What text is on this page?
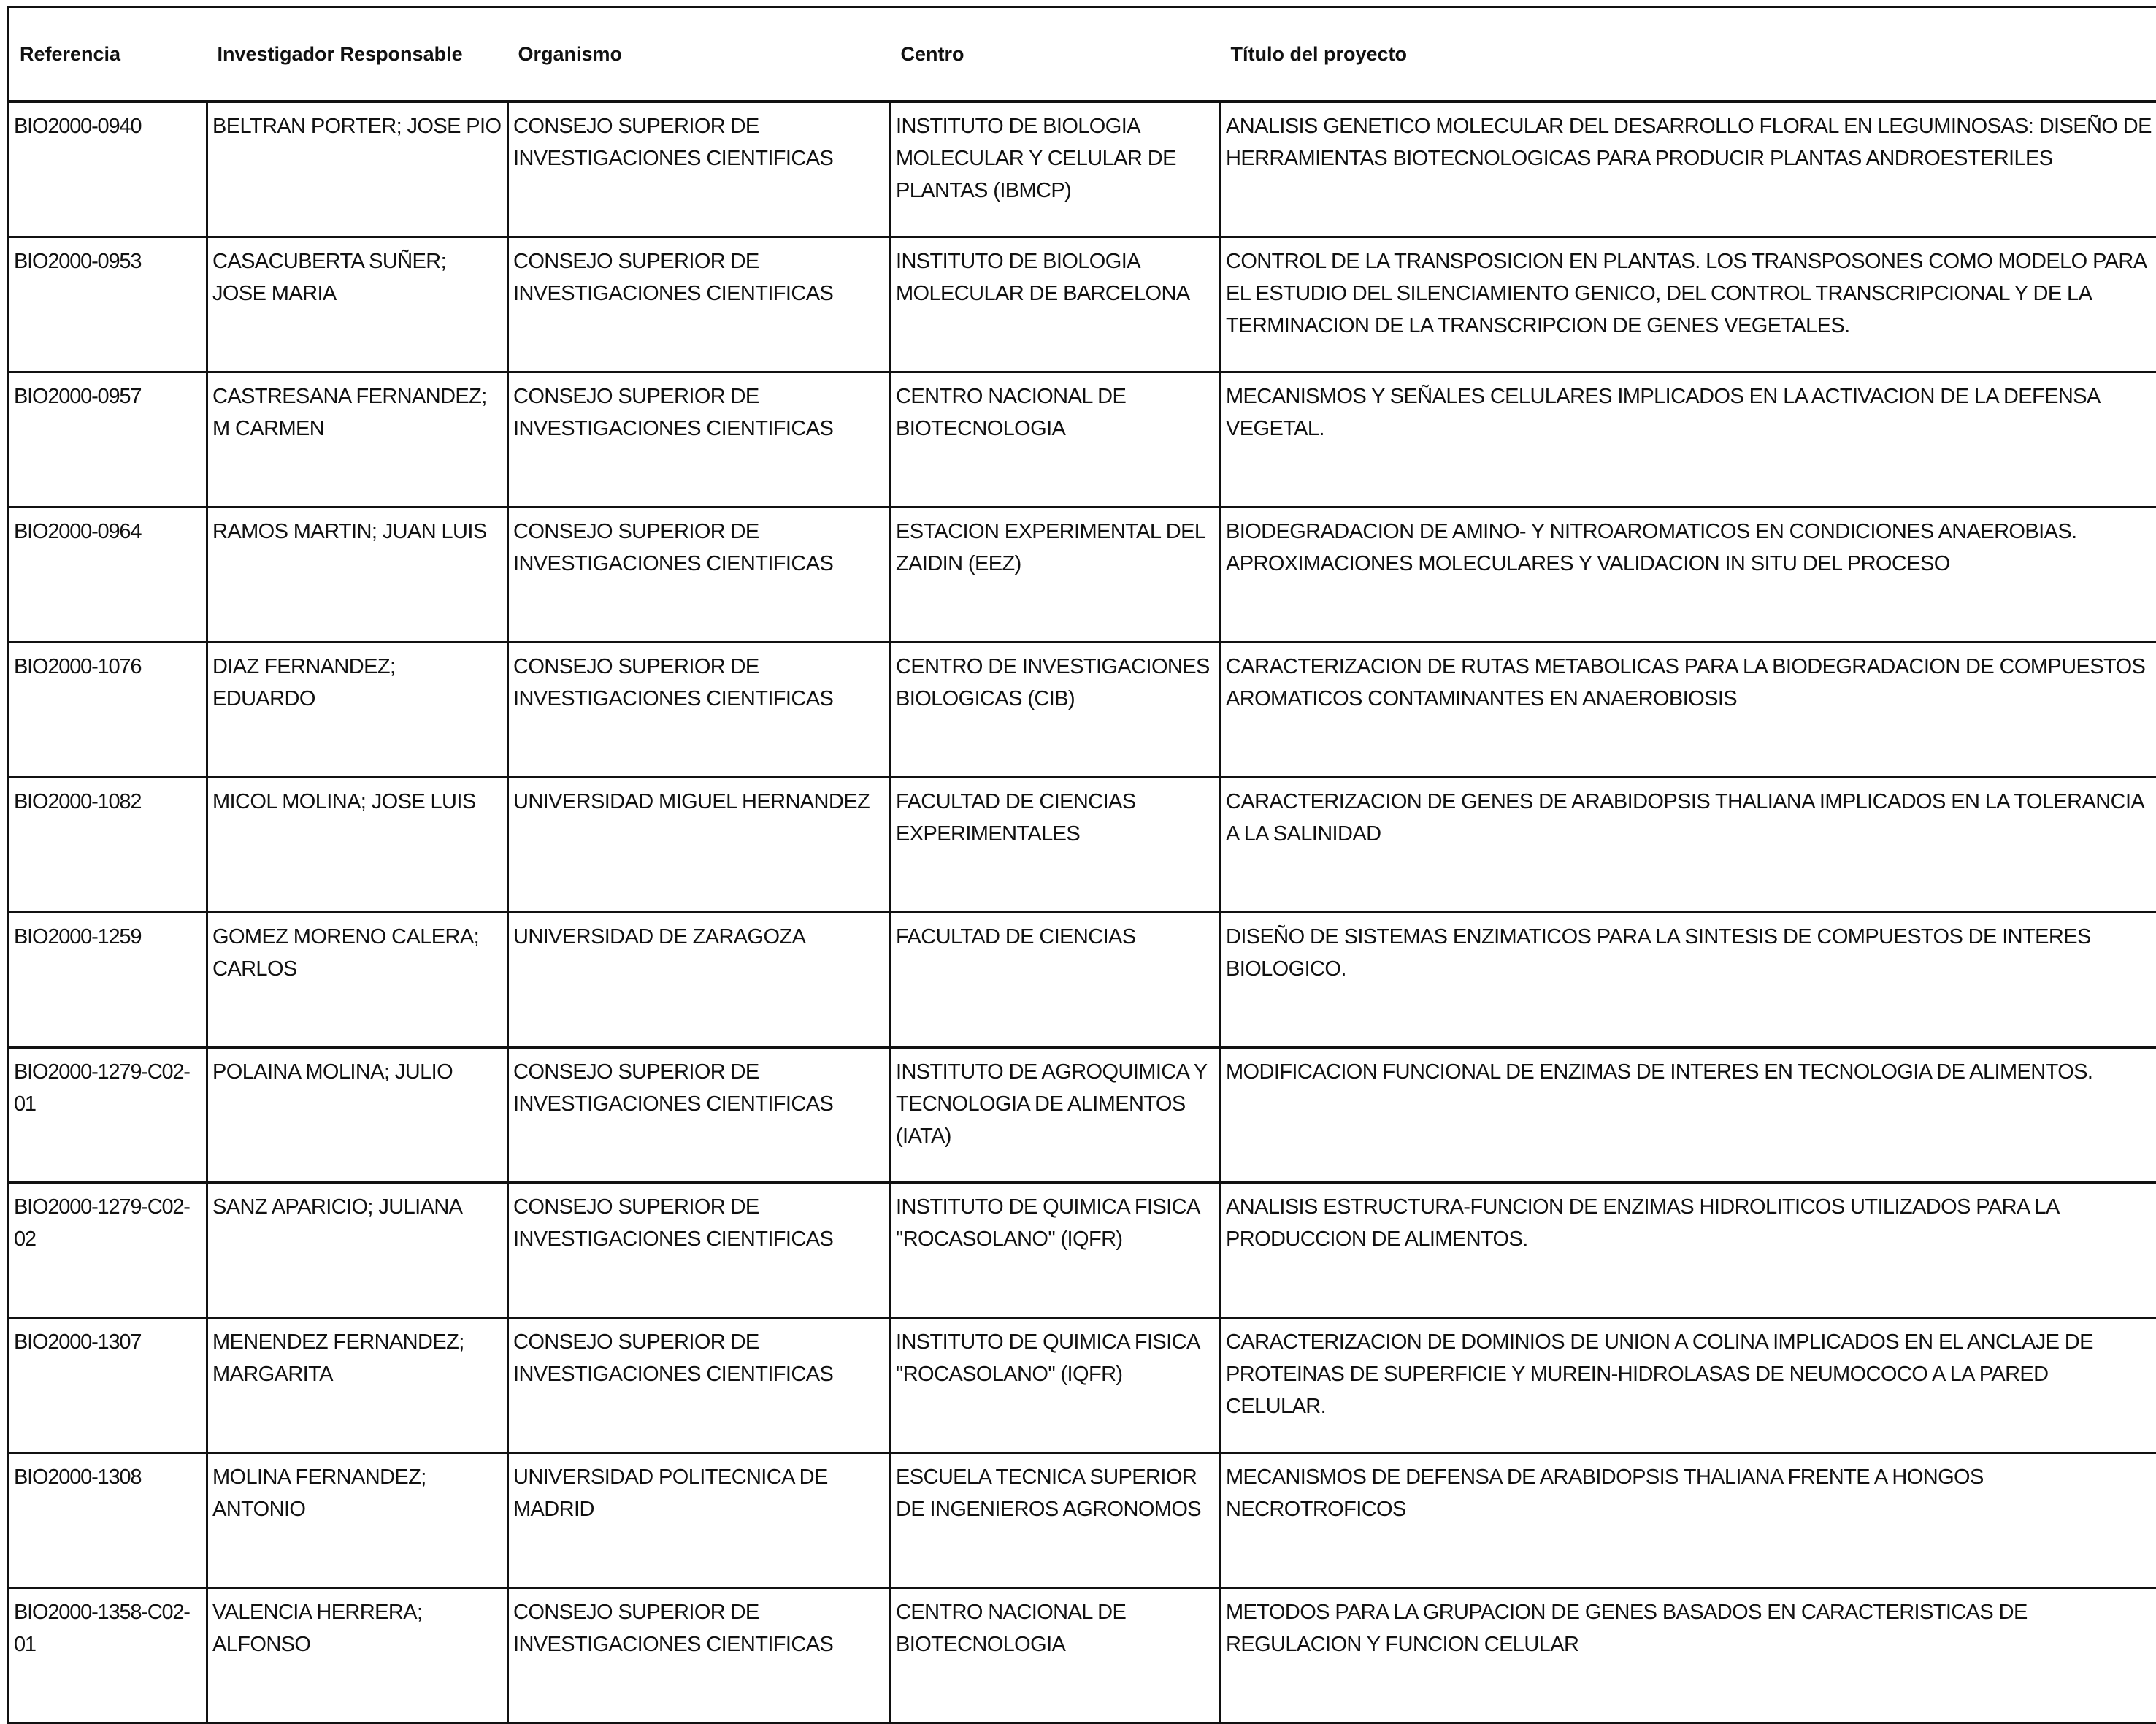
Referencia	Investigador Responsable	Organismo	Centro	Título del proyecto
BIO2000-0940	BELTRAN PORTER; JOSE PIO	CONSEJO SUPERIOR DE INVESTIGACIONES CIENTIFICAS	INSTITUTO DE BIOLOGIA MOLECULAR Y CELULAR DE PLANTAS (IBMCP)	ANALISIS GENETICO MOLECULAR DEL DESARROLLO FLORAL EN LEGUMINOSAS: DISEÑO DE HERRAMIENTAS BIOTECNOLOGICAS PARA PRODUCIR PLANTAS ANDROESTERILES
BIO2000-0953	CASACUBERTA SUÑER; JOSE MARIA	CONSEJO SUPERIOR DE INVESTIGACIONES CIENTIFICAS	INSTITUTO DE BIOLOGIA MOLECULAR DE BARCELONA	CONTROL DE LA TRANSPOSICION EN PLANTAS. LOS TRANSPOSONES COMO MODELO PARA EL ESTUDIO DEL SILENCIAMIENTO GENICO, DEL CONTROL TRANSCRIPCIONAL Y DE LA TERMINACION DE LA TRANSCRIPCION DE GENES VEGETALES.
BIO2000-0957	CASTRESANA FERNANDEZ; M CARMEN	CONSEJO SUPERIOR DE INVESTIGACIONES CIENTIFICAS	CENTRO NACIONAL DE BIOTECNOLOGIA	MECANISMOS Y SEÑALES CELULARES IMPLICADOS EN LA ACTIVACION DE LA DEFENSA VEGETAL.
BIO2000-0964	RAMOS MARTIN; JUAN LUIS	CONSEJO SUPERIOR DE INVESTIGACIONES CIENTIFICAS	ESTACION EXPERIMENTAL DEL ZAIDIN (EEZ)	BIODEGRADACION DE AMINO- Y NITROAROMATICOS EN CONDICIONES ANAEROBIAS. APROXIMACIONES MOLECULARES Y VALIDACION IN SITU DEL PROCESO
BIO2000-1076	DIAZ FERNANDEZ; EDUARDO	CONSEJO SUPERIOR DE INVESTIGACIONES CIENTIFICAS	CENTRO DE INVESTIGACIONES BIOLOGICAS (CIB)	CARACTERIZACION DE RUTAS METABOLICAS PARA LA BIODEGRADACION DE COMPUESTOS AROMATICOS CONTAMINANTES EN ANAEROBIOSIS
BIO2000-1082	MICOL MOLINA; JOSE LUIS	UNIVERSIDAD MIGUEL HERNANDEZ	FACULTAD DE CIENCIAS EXPERIMENTALES	CARACTERIZACION DE GENES DE ARABIDOPSIS THALIANA IMPLICADOS EN LA TOLERANCIA A LA SALINIDAD
BIO2000-1259	GOMEZ MORENO CALERA; CARLOS	UNIVERSIDAD DE ZARAGOZA	FACULTAD DE CIENCIAS	DISEÑO DE SISTEMAS ENZIMATICOS PARA LA SINTESIS DE COMPUESTOS DE INTERES BIOLOGICO.
BIO2000-1279-C02-01	POLAINA MOLINA; JULIO	CONSEJO SUPERIOR DE INVESTIGACIONES CIENTIFICAS	INSTITUTO DE AGROQUIMICA Y TECNOLOGIA DE ALIMENTOS (IATA)	MODIFICACION FUNCIONAL DE ENZIMAS DE INTERES EN TECNOLOGIA DE ALIMENTOS.
BIO2000-1279-C02-02	SANZ APARICIO; JULIANA	CONSEJO SUPERIOR DE INVESTIGACIONES CIENTIFICAS	INSTITUTO DE QUIMICA FISICA "ROCASOLANO" (IQFR)	ANALISIS ESTRUCTURA-FUNCION DE ENZIMAS HIDROLITICOS UTILIZADOS PARA LA PRODUCCION DE ALIMENTOS.
BIO2000-1307	MENENDEZ FERNANDEZ; MARGARITA	CONSEJO SUPERIOR DE INVESTIGACIONES CIENTIFICAS	INSTITUTO DE QUIMICA FISICA "ROCASOLANO" (IQFR)	CARACTERIZACION DE DOMINIOS DE UNION A COLINA IMPLICADOS EN EL ANCLAJE DE PROTEINAS DE SUPERFICIE Y MUREIN-HIDROLASAS DE NEUMOCOCO A LA PARED CELULAR.
BIO2000-1308	MOLINA FERNANDEZ; ANTONIO	UNIVERSIDAD POLITECNICA DE MADRID	ESCUELA TECNICA SUPERIOR DE INGENIEROS AGRONOMOS	MECANISMOS DE DEFENSA DE ARABIDOPSIS THALIANA FRENTE A HONGOS NECROTROFICOS
BIO2000-1358-C02-01	VALENCIA HERRERA; ALFONSO	CONSEJO SUPERIOR DE INVESTIGACIONES CIENTIFICAS	CENTRO NACIONAL DE BIOTECNOLOGIA	METODOS PARA LA GRUPACION DE GENES BASADOS EN CARACTERISTICAS DE REGULACION Y FUNCION CELULAR
